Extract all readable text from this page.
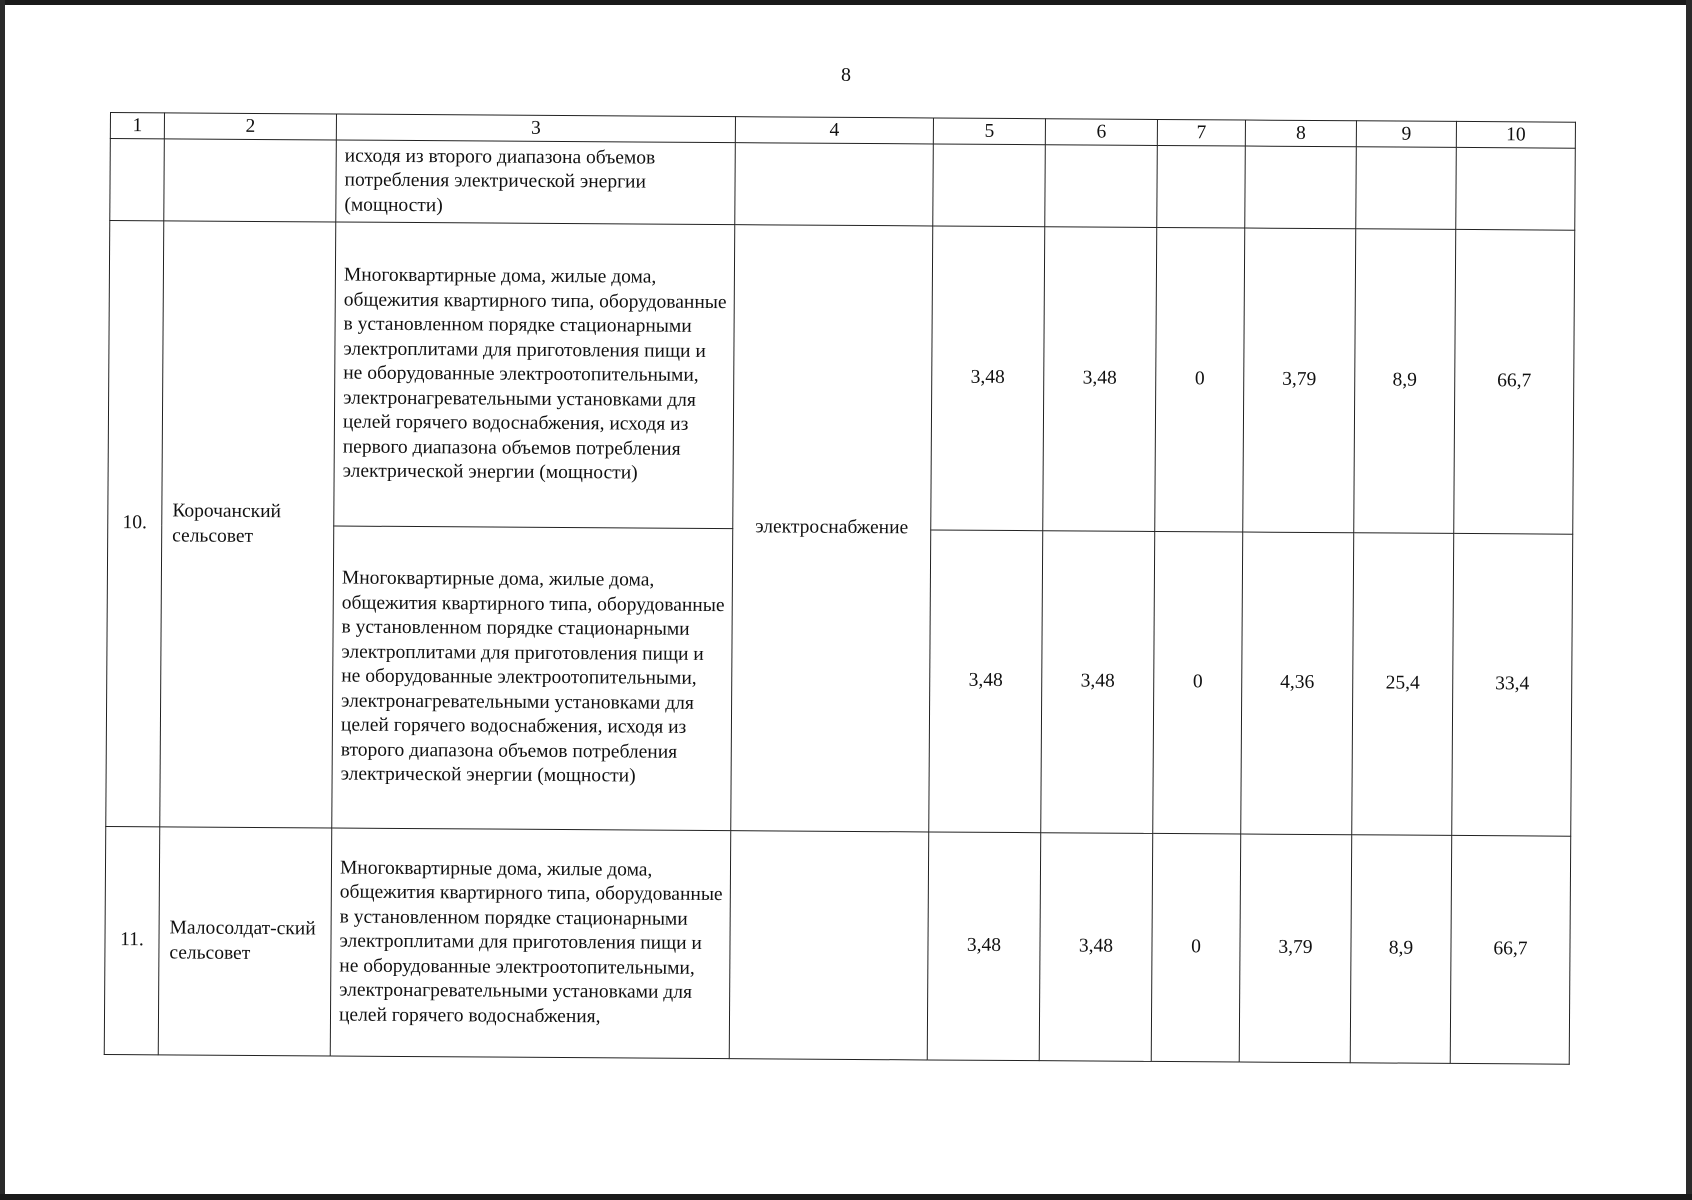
8
1	2	3	4	5	6	7	8	9	10
		исходя из второго диапазона объемов потребления электрической энергии (мощности)							
10.	Корочанский сельсовет	Многоквартирные дома, жилые дома, общежития квартирного типа, оборудованные в установленном порядке стационарными электроплитами для приготовления пищи и не оборудованные электроотопительными, электронагревательными установками для целей горячего водоснабжения, исходя из первого диапазона объемов потребления электрической энергии (мощности)	электроснабжение	3,48	3,48	0	3,79	8,9	66,7
		Многоквартирные дома, жилые дома, общежития квартирного типа, оборудованные в установленном порядке стационарными электроплитами для приготовления пищи и не оборудованные электроотопительными, электронагревательными установками для целей горячего водоснабжения, исходя из второго диапазона объемов потребления электрической энергии (мощности)		3,48	3,48	0	4,36	25,4	33,4
11.	Малосолдат-ский сельсовет	Многоквартирные дома, жилые дома, общежития квартирного типа, оборудованные в установленном порядке стационарными электроплитами для приготовления пищи и не оборудованные электроотопительными, электронагревательными установками для целей горячего водоснабжения,		3,48	3,48	0	3,79	8,9	66,7
